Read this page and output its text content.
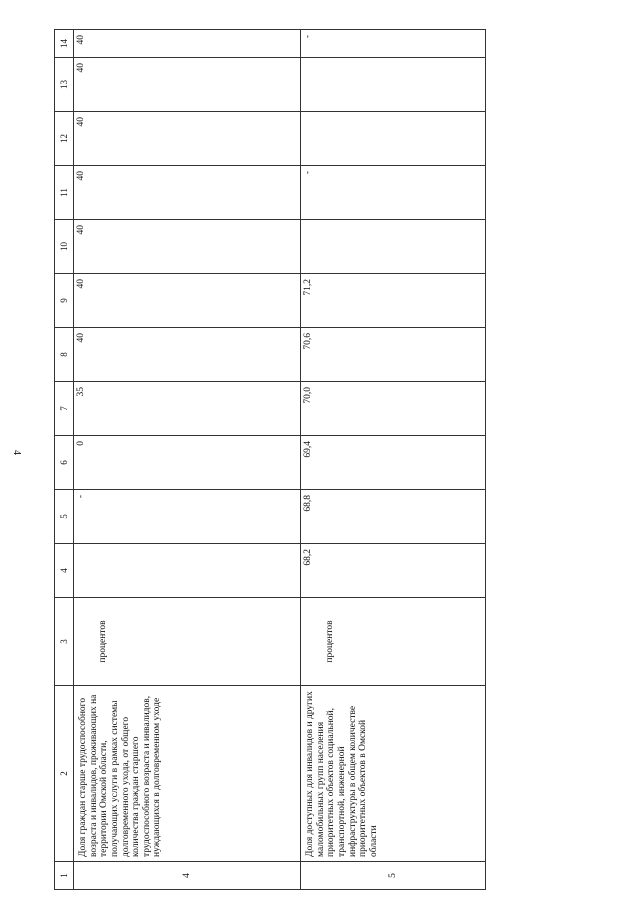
4
1	2	3	4	5	6	7	8	9	10	11	12	13	14
4	Доля граждан старше трудоспособного возраста и инвалидов, проживающих на территории Омской области, получающих услуги в рамках системы долговременного ухода, от общего количества граждан старшего трудоспособного возраста и инвалидов, нуждающихся в долговременном уходе	процентов		-	0	35	40	40	40	40	40	40	40
5	Доля доступных для инвалидов и других маломобильных групп населения приоритетных объектов социальной, транспортной, инженерной инфраструктуры в общем количестве приоритетных объектов в Омской области	процентов	68,2	68,8	69,4	70,0	70,6	71,2		-			-
